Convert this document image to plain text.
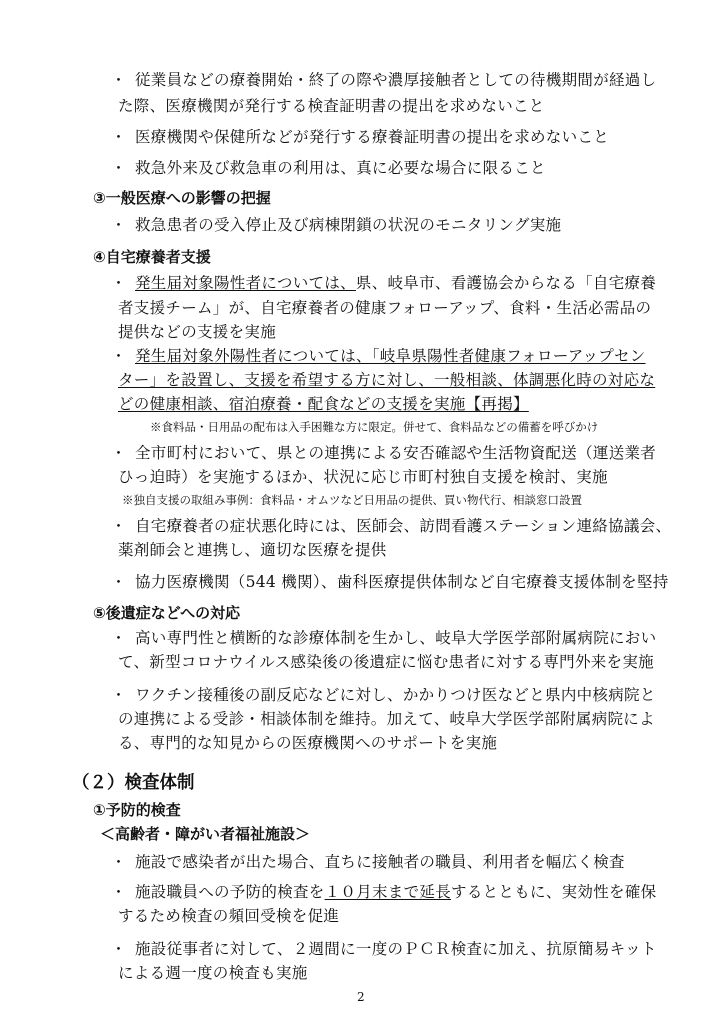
・ 従業員などの療養開始・終了の際や濃厚接触者としての待機期間が経過し
た際、医療機関が発行する検査証明書の提出を求めないこと
・ 医療機関や保健所などが発行する療養証明書の提出を求めないこと
・ 救急外来及び救急車の利用は、真に必要な場合に限ること
③一般医療への影響の把握
・ 救急患者の受入停止及び病棟閉鎖の状況のモニタリング実施
④自宅療養者支援
・ 発生届対象陽性者については、県、岐阜市、看護協会からなる「自宅療養
者支援チーム」が、自宅療養者の健康フォローアップ、食料・生活必需品の
提供などの支援を実施
・ 発生届対象外陽性者については、「岐阜県陽性者健康フォローアップセン
ター」を設置し、支援を希望する方に対し、一般相談、体調悪化時の対応な
どの健康相談、宿泊療養・配食などの支援を実施【再掲】
※食料品・日用品の配布は入手困難な方に限定。併せて、食料品などの備蓄を呼びかけ
・ 全市町村において、県との連携による安否確認や生活物資配送（運送業者
ひっ迫時）を実施するほか、状況に応じ市町村独自支援を検討、実施
※独自支援の取組み事例：食料品・オムツなど日用品の提供、買い物代行、相談窓口設置
・ 自宅療養者の症状悪化時には、医師会、訪問看護ステーション連絡協議会、
薬剤師会と連携し、適切な医療を提供
・ 協力医療機関（544 機関）、歯科医療提供体制など自宅療養支援体制を堅持
⑤後遺症などへの対応
・ 高い専門性と横断的な診療体制を生かし、岐阜大学医学部附属病院におい
て、新型コロナウイルス感染後の後遺症に悩む患者に対する専門外来を実施
・ ワクチン接種後の副反応などに対し、かかりつけ医などと県内中核病院と
の連携による受診・相談体制を維持。加えて、岐阜大学医学部附属病院によ
る、専門的な知見からの医療機関へのサポートを実施
（２）検査体制
①予防的検査
＜高齢者・障がい者福祉施設＞
・ 施設で感染者が出た場合、直ちに接触者の職員、利用者を幅広く検査
・ 施設職員への予防的検査を１０月末まで延長するとともに、実効性を確保
するため検査の頻回受検を促進
・ 施設従事者に対して、２週間に一度のＰＣＲ検査に加え、抗原簡易キット
による週一度の検査も実施
2
